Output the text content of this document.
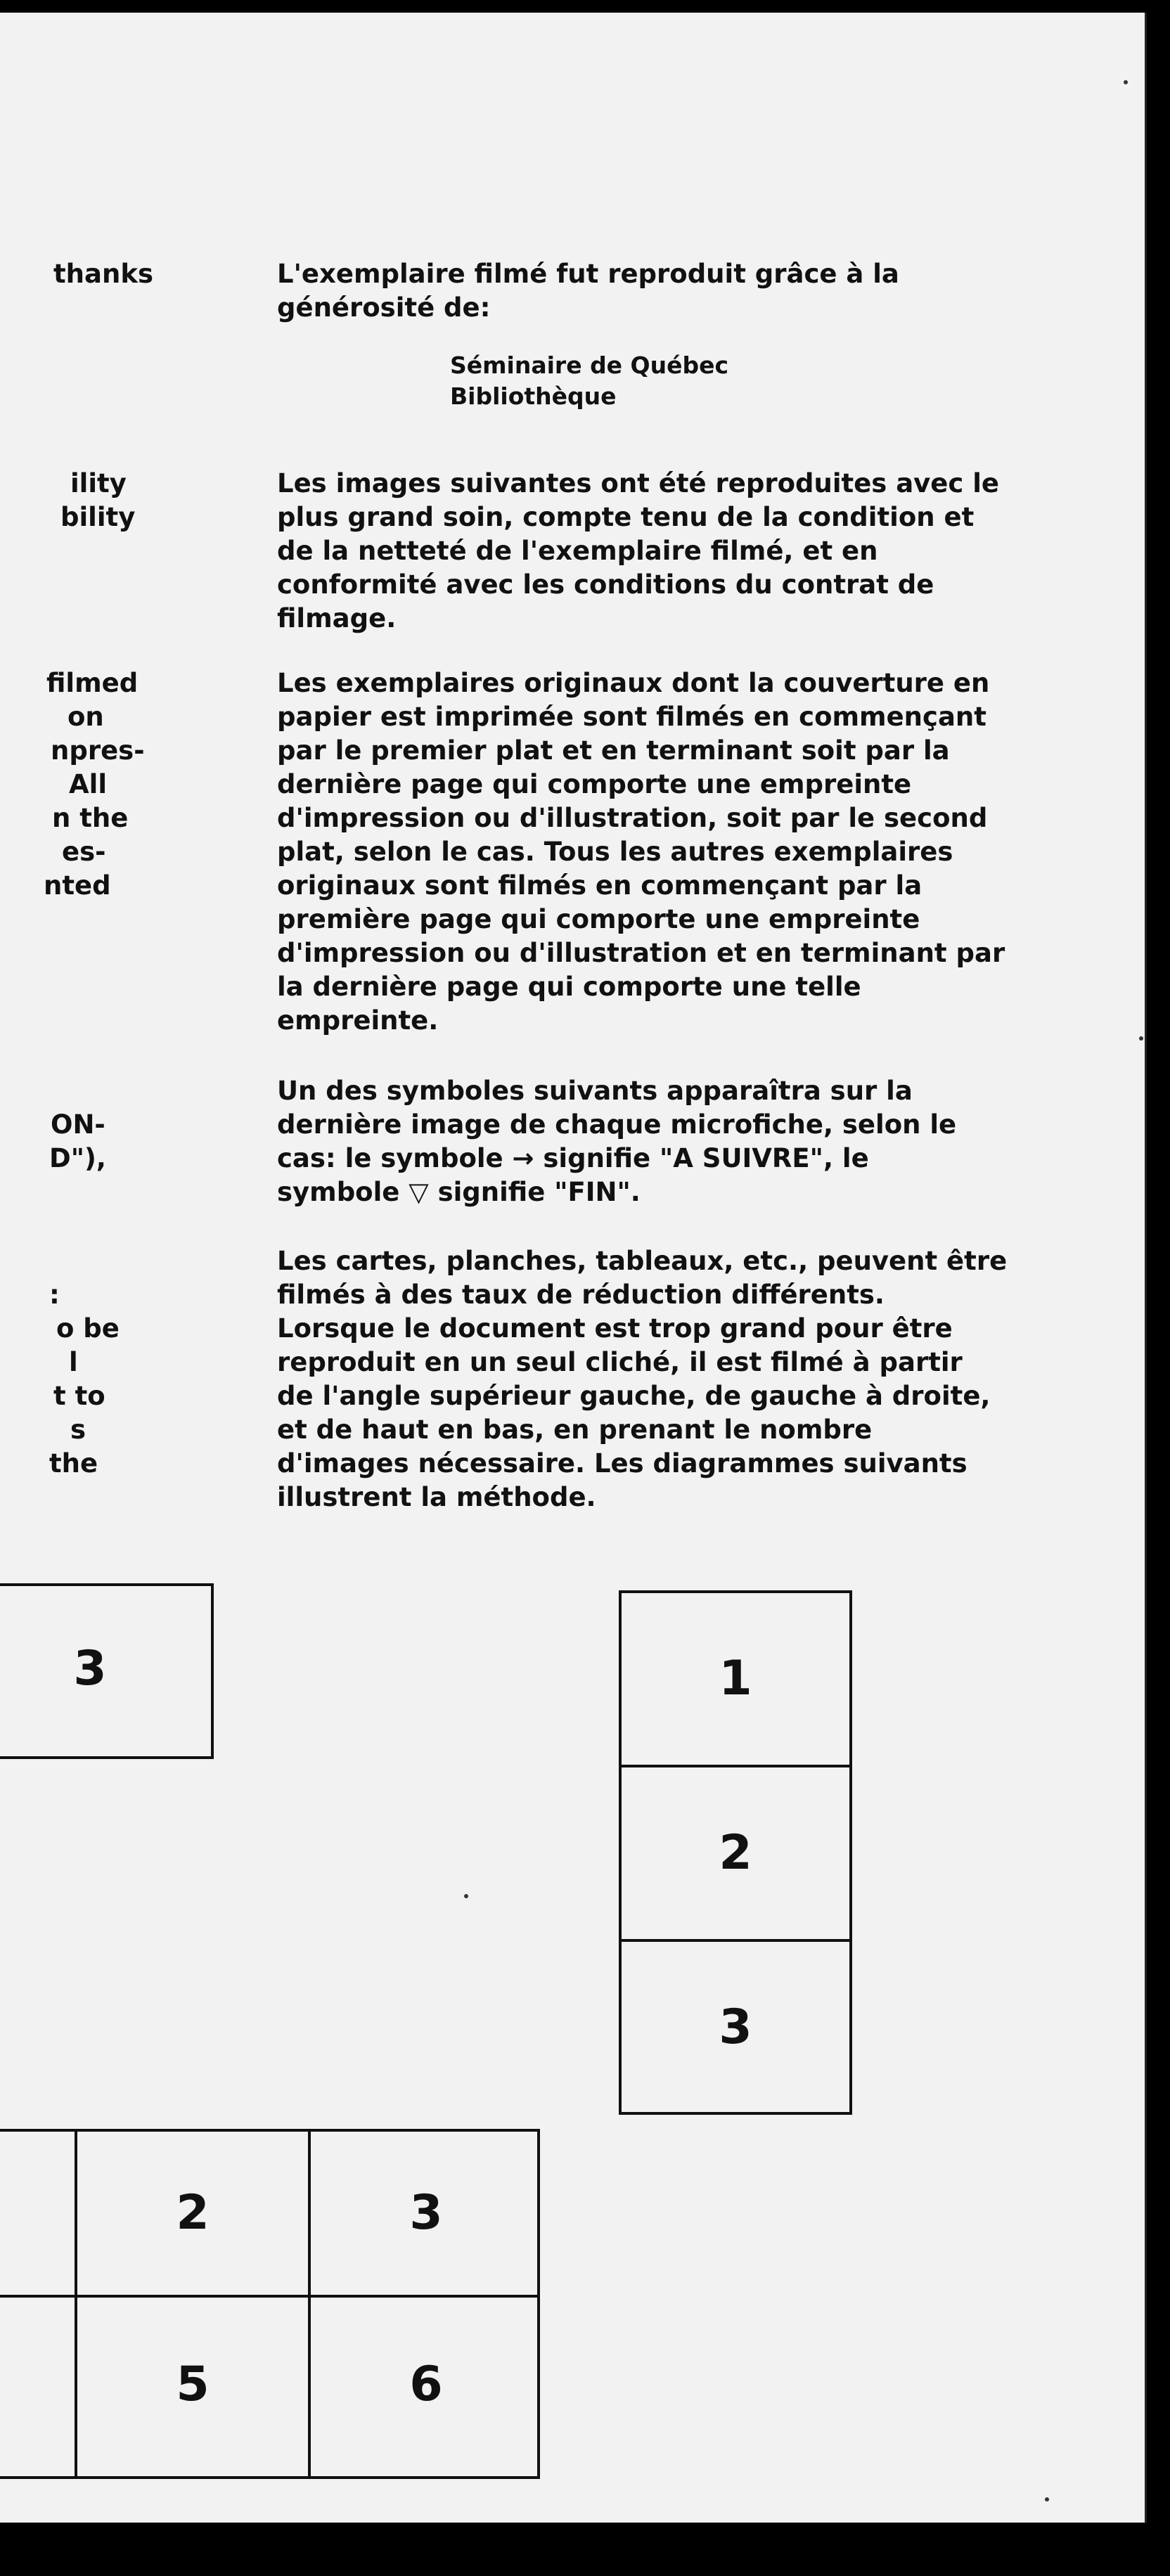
thanks
ility
bility
filmed
on
npres-
All
n the
es-
nted
ON-
D"),
:
o be
l
t to
s
the
L'exemplaire filmé fut reproduit grâce à la
générosité de:
Séminaire de Québec
Bibliothèque
Les images suivantes ont été reproduites avec le
plus grand soin, compte tenu de la condition et
de la netteté de l'exemplaire filmé, et en
conformité avec les conditions du contrat de
filmage.
Les exemplaires originaux dont la couverture en
papier est imprimée sont filmés en commençant
par le premier plat et en terminant soit par la
dernière page qui comporte une empreinte
d'impression ou d'illustration, soit par le second
plat, selon le cas. Tous les autres exemplaires
originaux sont filmés en commençant par la
première page qui comporte une empreinte
d'impression ou d'illustration et en terminant par
la dernière page qui comporte une telle
empreinte.
Un des symboles suivants apparaîtra sur la
dernière image de chaque microfiche, selon le
cas: le symbole → signifie "A SUIVRE", le
symbole ▽ signifie "FIN".
Les cartes, planches, tableaux, etc., peuvent être
filmés à des taux de réduction différents.
Lorsque le document est trop grand pour être
reproduit en un seul cliché, il est filmé à partir
de l'angle supérieur gauche, de gauche à droite,
et de haut en bas, en prenant le nombre
d'images nécessaire. Les diagrammes suivants
illustrent la méthode.
3	1
2
3
2	3
5	6
